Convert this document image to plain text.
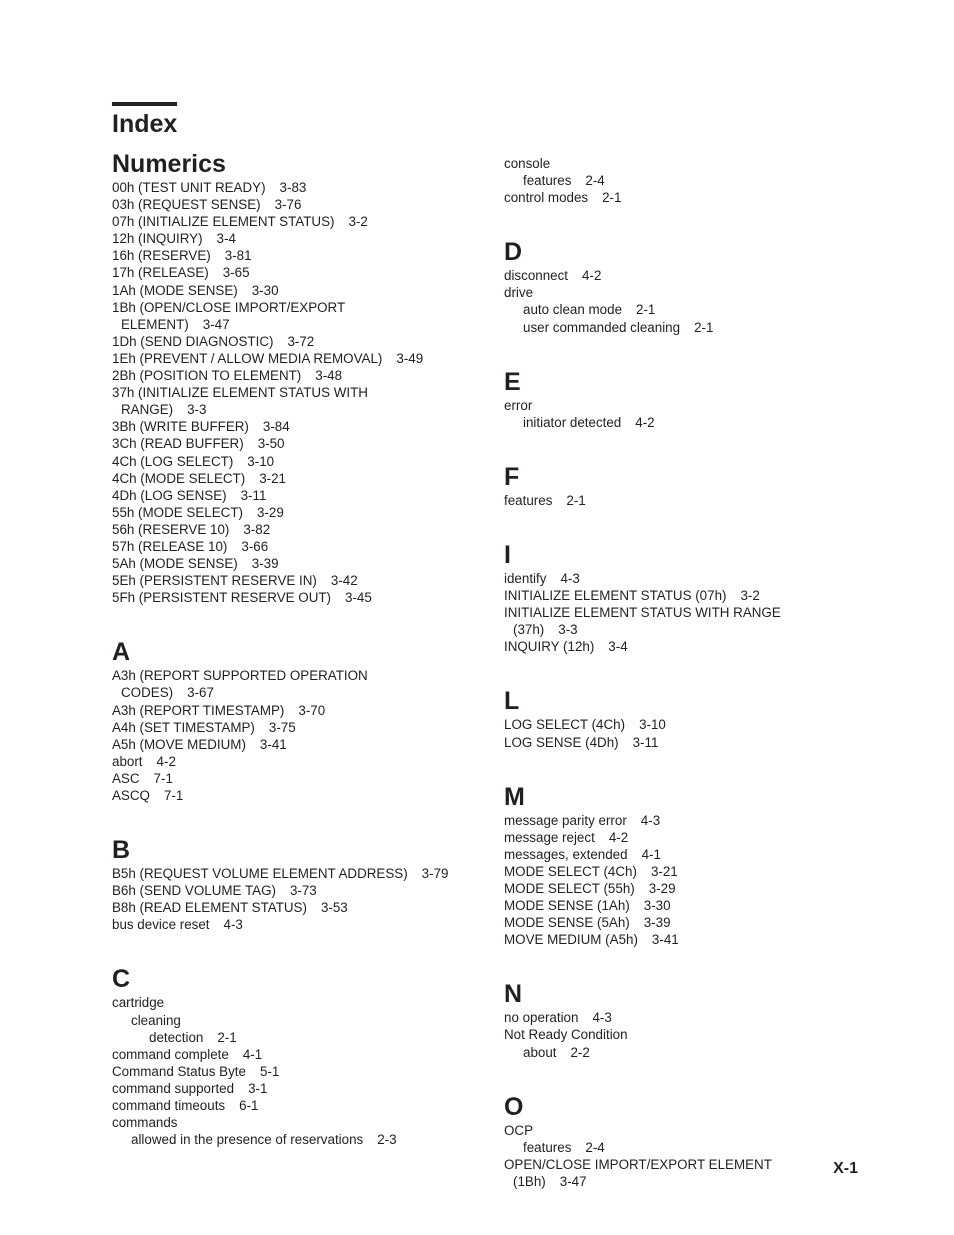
Index
Numerics
00h (TEST UNIT READY) 3-83
03h (REQUEST SENSE) 3-76
07h (INITIALIZE ELEMENT STATUS) 3-2
12h (INQUIRY) 3-4
16h (RESERVE) 3-81
17h (RELEASE) 3-65
1Ah (MODE SENSE) 3-30
1Bh (OPEN/CLOSE IMPORT/EXPORT
ELEMENT) 3-47
1Dh (SEND DIAGNOSTIC) 3-72
1Eh (PREVENT / ALLOW MEDIA REMOVAL) 3-49
2Bh (POSITION TO ELEMENT) 3-48
37h (INITIALIZE ELEMENT STATUS WITH
RANGE) 3-3
3Bh (WRITE BUFFER) 3-84
3Ch (READ BUFFER) 3-50
4Ch (LOG SELECT) 3-10
4Ch (MODE SELECT) 3-21
4Dh (LOG SENSE) 3-11
55h (MODE SELECT) 3-29
56h (RESERVE 10) 3-82
57h (RELEASE 10) 3-66
5Ah (MODE SENSE) 3-39
5Eh (PERSISTENT RESERVE IN) 3-42
5Fh (PERSISTENT RESERVE OUT) 3-45
A
A3h (REPORT SUPPORTED OPERATION
CODES) 3-67
A3h (REPORT TIMESTAMP) 3-70
A4h (SET TIMESTAMP) 3-75
A5h (MOVE MEDIUM) 3-41
abort 4-2
ASC 7-1
ASCQ 7-1
B
B5h (REQUEST VOLUME ELEMENT ADDRESS) 3-79
B6h (SEND VOLUME TAG) 3-73
B8h (READ ELEMENT STATUS) 3-53
bus device reset 4-3
C
cartridge
cleaning
detection 2-1
command complete 4-1
Command Status Byte 5-1
command supported 3-1
command timeouts 6-1
commands
allowed in the presence of reservations 2-3
console
features 2-4
control modes 2-1
D
disconnect 4-2
drive
auto clean mode 2-1
user commanded cleaning 2-1
E
error
initiator detected 4-2
F
features 2-1
I
identify 4-3
INITIALIZE ELEMENT STATUS (07h) 3-2
INITIALIZE ELEMENT STATUS WITH RANGE
(37h) 3-3
INQUIRY (12h) 3-4
L
LOG SELECT (4Ch) 3-10
LOG SENSE (4Dh) 3-11
M
message parity error 4-3
message reject 4-2
messages, extended 4-1
MODE SELECT (4Ch) 3-21
MODE SELECT (55h) 3-29
MODE SENSE (1Ah) 3-30
MODE SENSE (5Ah) 3-39
MOVE MEDIUM (A5h) 3-41
N
no operation 4-3
Not Ready Condition
about 2-2
O
OCP
features 2-4
OPEN/CLOSE IMPORT/EXPORT ELEMENT
(1Bh) 3-47
X-1
